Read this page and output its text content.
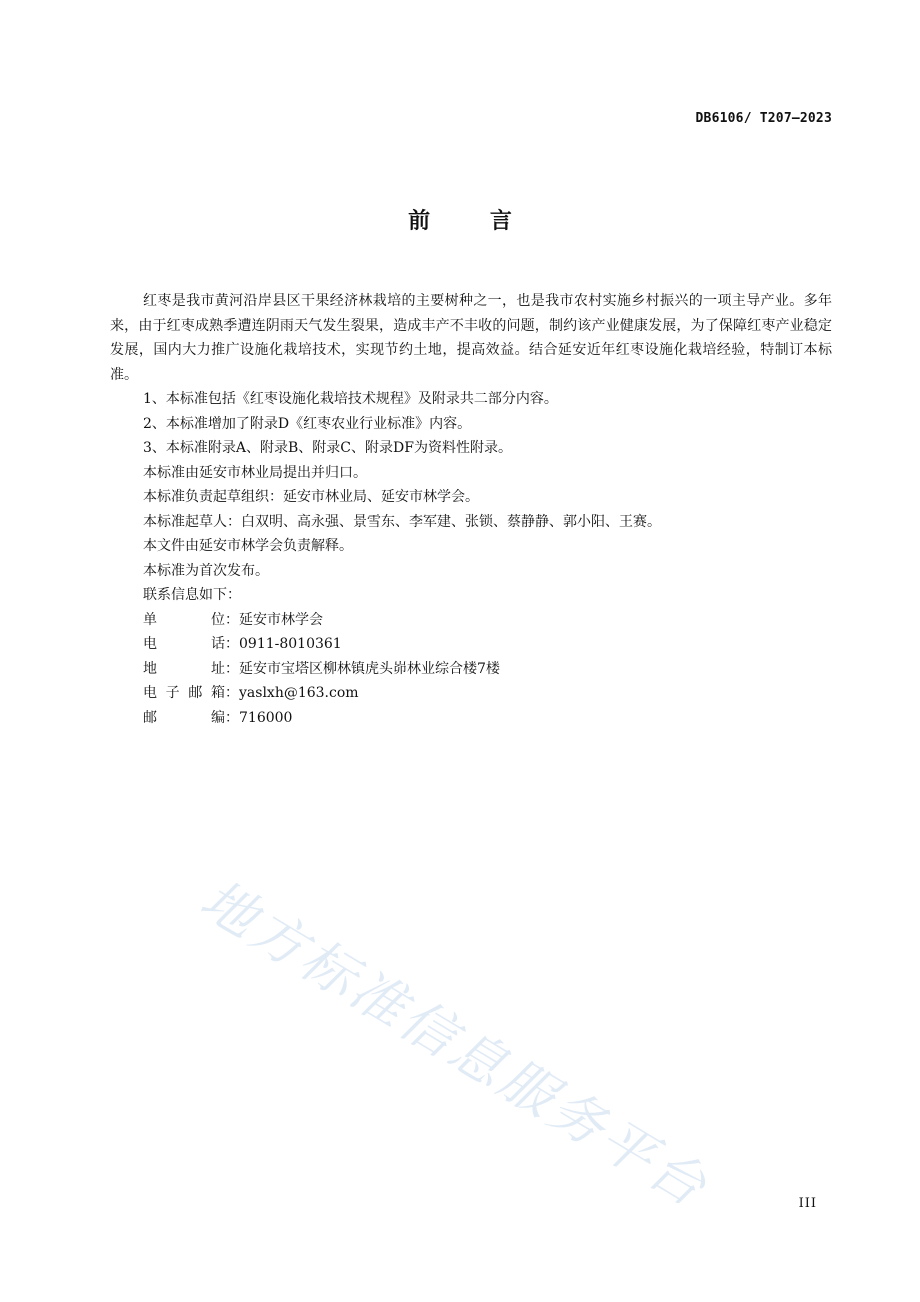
DB6106/ T207—2023
前 言

红枣是我市黄河沿岸县区干果经济林栽培的主要树种之一，也是我市农村实施乡村振兴的一项主导产业。多年来，由于红枣成熟季遭连阴雨天气发生裂果，造成丰产不丰收的问题，制约该产业健康发展，为了保障红枣产业稳定发展，国内大力推广设施化栽培技术，实现节约土地，提高效益。结合延安近年红枣设施化栽培经验，特制订本标准。

1、本标准包括《红枣设施化栽培技术规程》及附录共二部分内容。

2、本标准增加了附录D《红枣农业行业标准》内容。

3、本标准附录A、附录B、附录C、附录DF为资料性附录。

本标准由延安市林业局提出并归口。

本标准负责起草组织：延安市林业局、延安市林学会。

本标准起草人：白双明、高永强、景雪东、李军建、张锁、蔡静静、郭小阳、王赛。

本文件由延安市林学会负责解释。

本标准为首次发布。

联系信息如下：

单	位 ： 延安市林学会
电	话 ： 0911-8010361
地	址 ： 延安市宝塔区柳林镇虎头峁林业综合楼7楼
电 子 邮 箱 ： yaslxh@163.com
邮	编 ： 716000
地方标准信息服务平台	III
